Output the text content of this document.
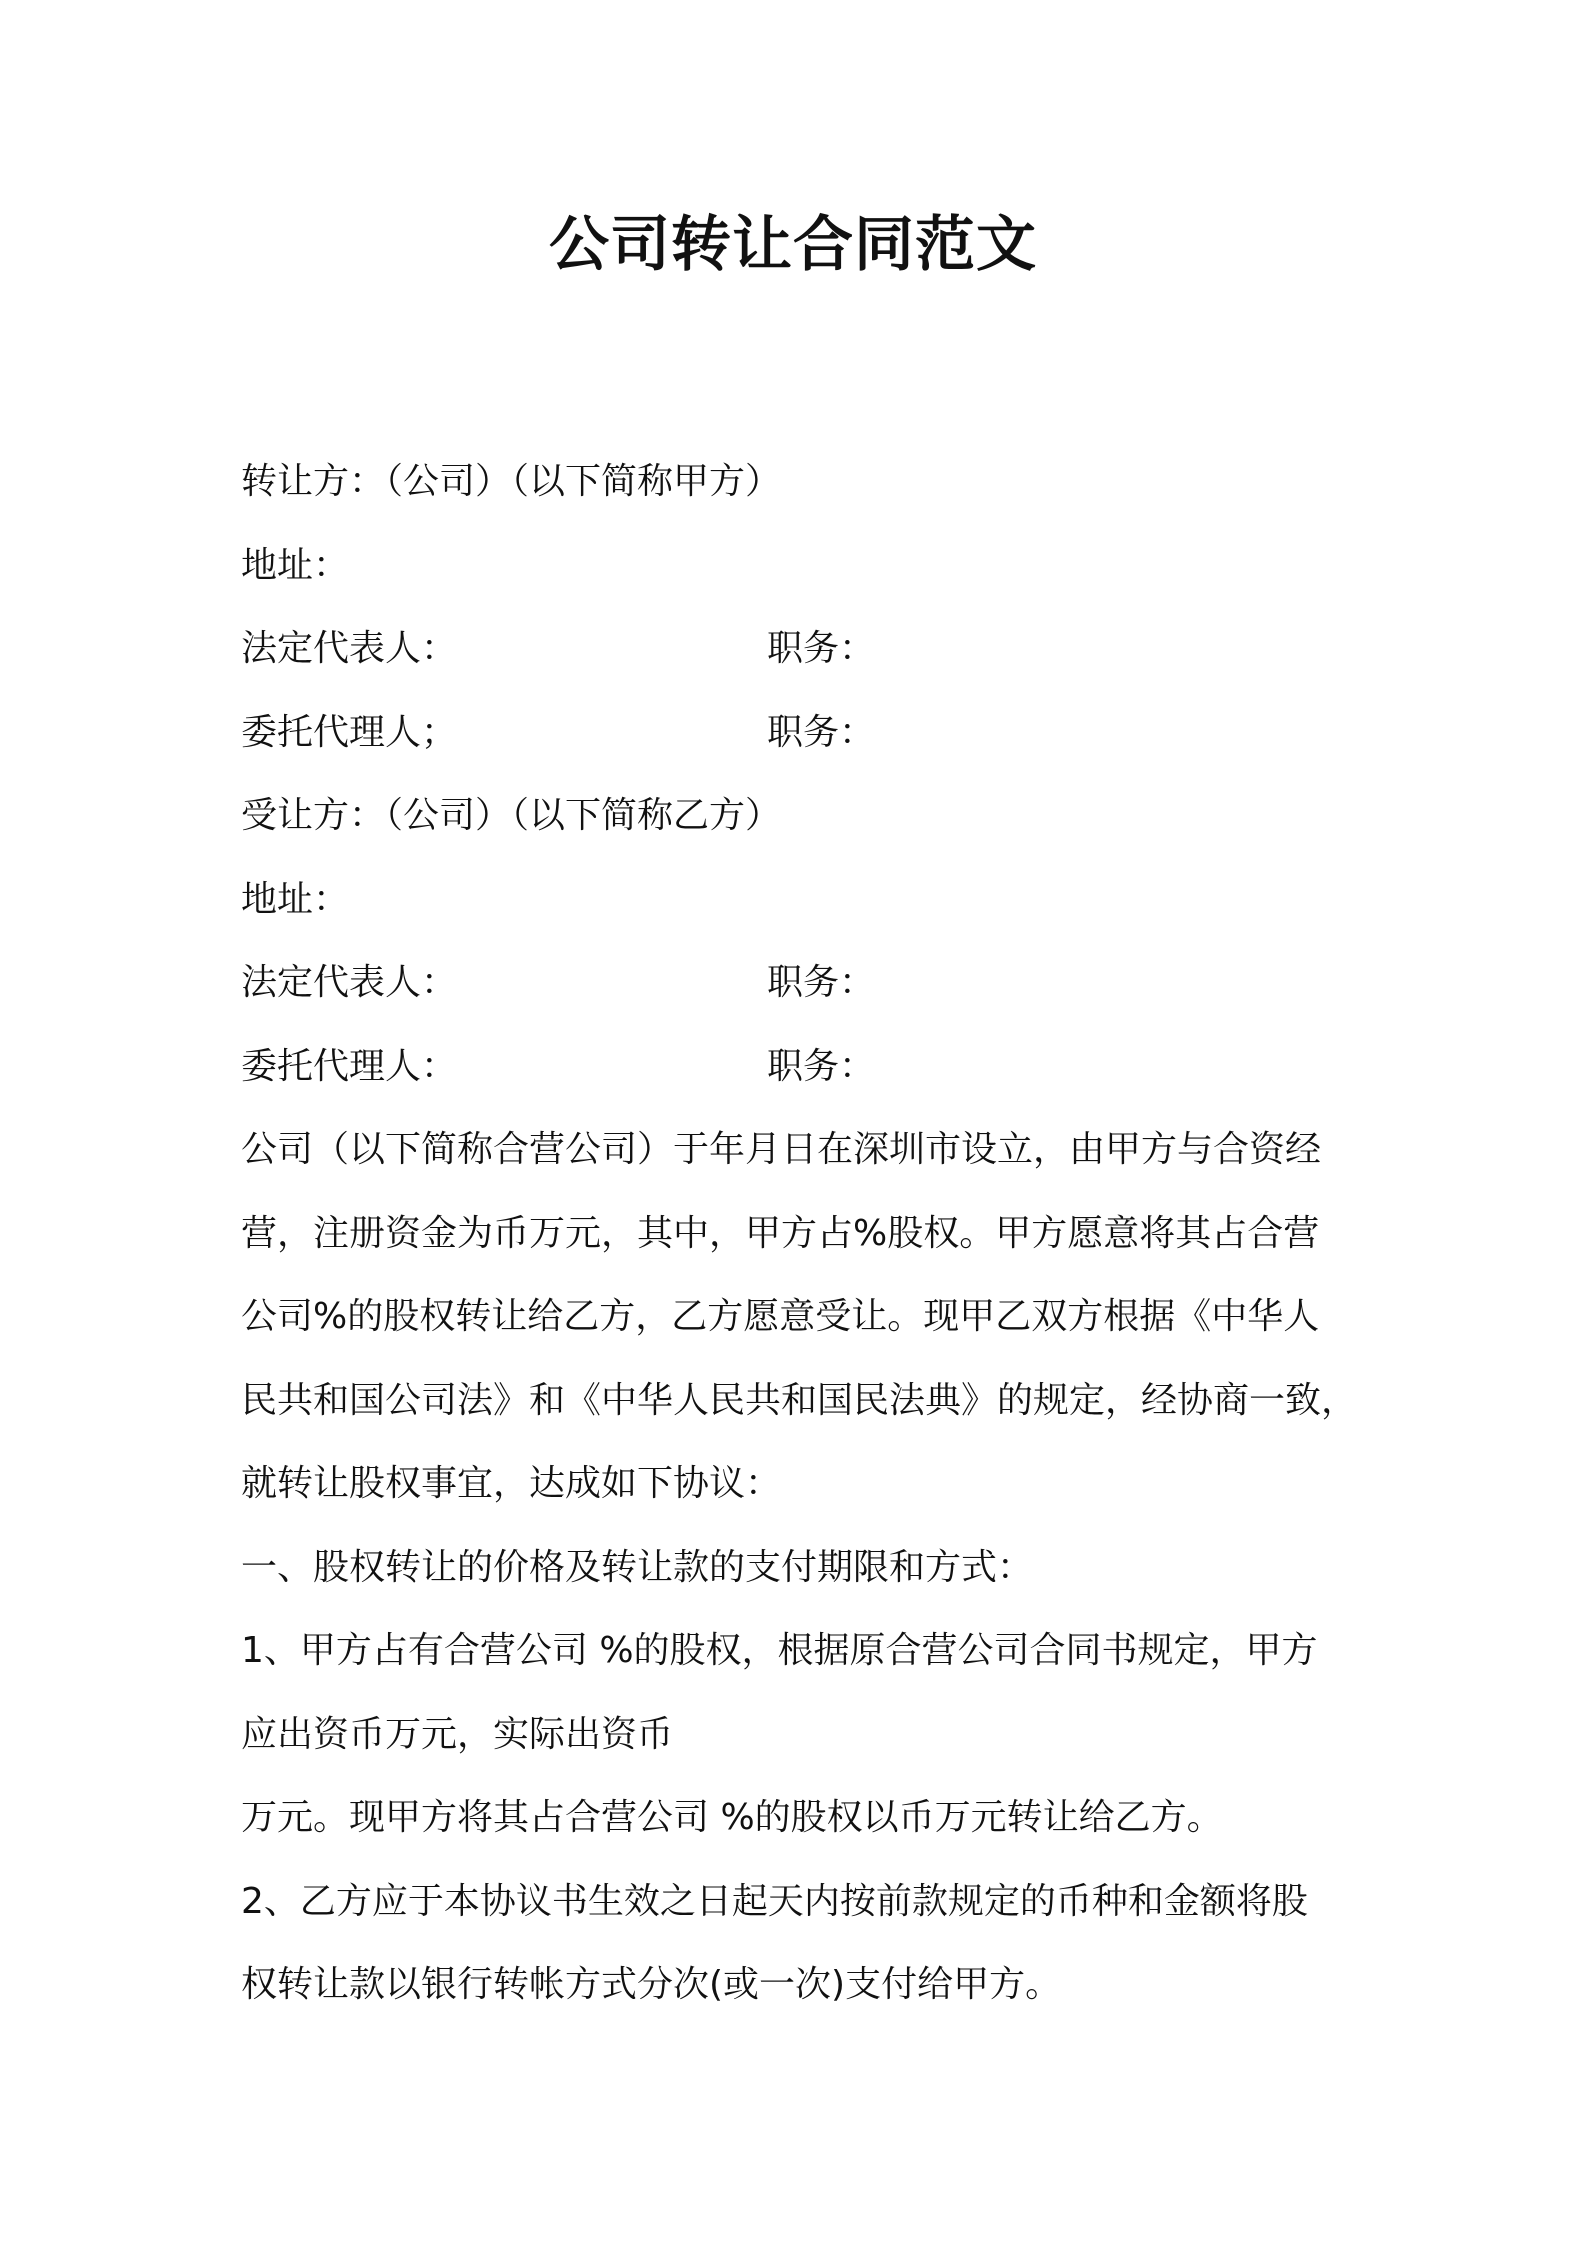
公司转让合同范文
转让方：（公司）（以下简称甲方）
地址：
法定代表人：	职务：
委托代理人；	职务：
受让方：（公司）（以下简称乙方）
地址：
法定代表人：	职务：
委托代理人：	职务：
公司（以下简称合营公司）于年月日在深圳市设立，由甲方与合资经
营，注册资金为币万元，其中，甲方占%股权。甲方愿意将其占合营
公司%的股权转让给乙方，乙方愿意受让。现甲乙双方根据《中华人
民共和国公司法》和《中华人民共和国民法典》的规定，经协商一致，
就转让股权事宜，达成如下协议：
一、股权转让的价格及转让款的支付期限和方式：
1、甲方占有合营公司 %的股权，根据原合营公司合同书规定，甲方
应出资币万元，实际出资币
万元。现甲方将其占合营公司 %的股权以币万元转让给乙方。
2、乙方应于本协议书生效之日起天内按前款规定的币种和金额将股
权转让款以银行转帐方式分次(或一次)支付给甲方。
